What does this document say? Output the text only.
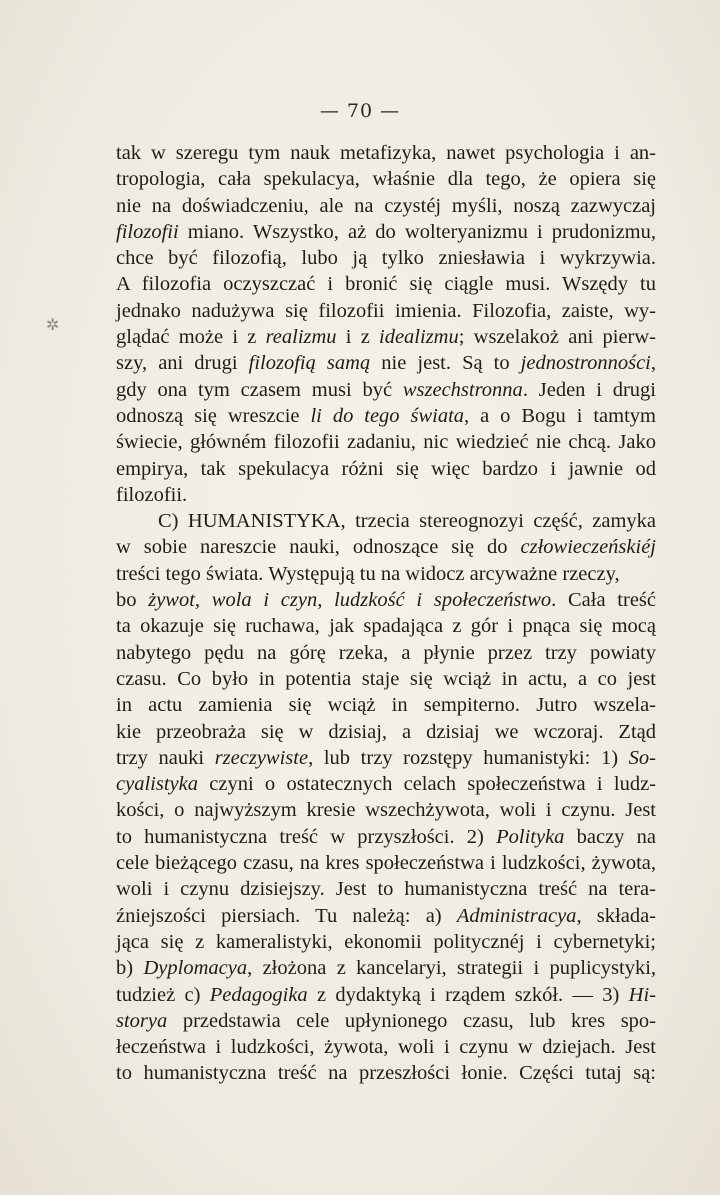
— 70 —
✲
tak w szeregu tym nauk metafizyka, nawet psychologia i an-
tropologia, cała spekulacya, właśnie dla tego, że opiera się
nie na doświadczeniu, ale na czystéj myśli, noszą zazwyczaj
filozofii miano. Wszystko, aż do wolteryanizmu i prudonizmu,
chce być filozofią, lubo ją tylko zniesławia i wykrzywia.
A filozofia oczyszczać i bronić się ciągle musi. Wszędy tu
jednako nadużywa się filozofii imienia. Filozofia, zaiste, wy-
glądać może i z realizmu i z idealizmu; wszelakoż ani pierw-
szy, ani drugi filozofią samą nie jest. Są to jednostronności,
gdy ona tym czasem musi być wszechstronna. Jeden i drugi
odnoszą się wreszcie li do tego świata, a o Bogu i tamtym
świecie, główném filozofii zadaniu, nic wiedzieć nie chcą. Jako
empirya, tak spekulacya różni się więc bardzo i jawnie od
filozofii.
C) HUMANISTYKA, trzecia stereognozyi część, zamyka
w sobie nareszcie nauki, odnoszące się do człowieczeńskiéj
treści tego świata. Występują tu na widocz arcyważne rzeczy,
bo żywot, wola i czyn, ludzkość i społeczeństwo. Cała treść
ta okazuje się ruchawa, jak spadająca z gór i pnąca się mocą
nabytego pędu na górę rzeka, a płynie przez trzy powiaty
czasu. Co było in potentia staje się wciąż in actu, a co jest
in actu zamienia się wciąż in sempiterno. Jutro wszela-
kie przeobraża się w dzisiaj, a dzisiaj we wczoraj. Ztąd
trzy nauki rzeczywiste, lub trzy rozstępy humanistyki: 1) So-
cyalistyka czyni o ostatecznych celach społeczeństwa i ludz-
kości, o najwyższym kresie wszechżywota, woli i czynu. Jest
to humanistyczna treść w przyszłości. 2) Polityka baczy na
cele bieżącego czasu, na kres społeczeństwa i ludzkości, żywota,
woli i czynu dzisiejszy. Jest to humanistyczna treść na tera-
źniejszości piersiach. Tu należą: a) Administracya, składa-
jąca się z kameralistyki, ekonomii politycznéj i cybernetyki;
b) Dyplomacya, złożona z kancelaryi, strategii i puplicystyki,
tudzież c) Pedagogika z dydaktyką i rządem szkół. — 3) Hi-
storya przedstawia cele upłynionego czasu, lub kres spo-
łeczeństwa i ludzkości, żywota, woli i czynu w dziejach. Jest
to humanistyczna treść na przeszłości łonie. Części tutaj są:
